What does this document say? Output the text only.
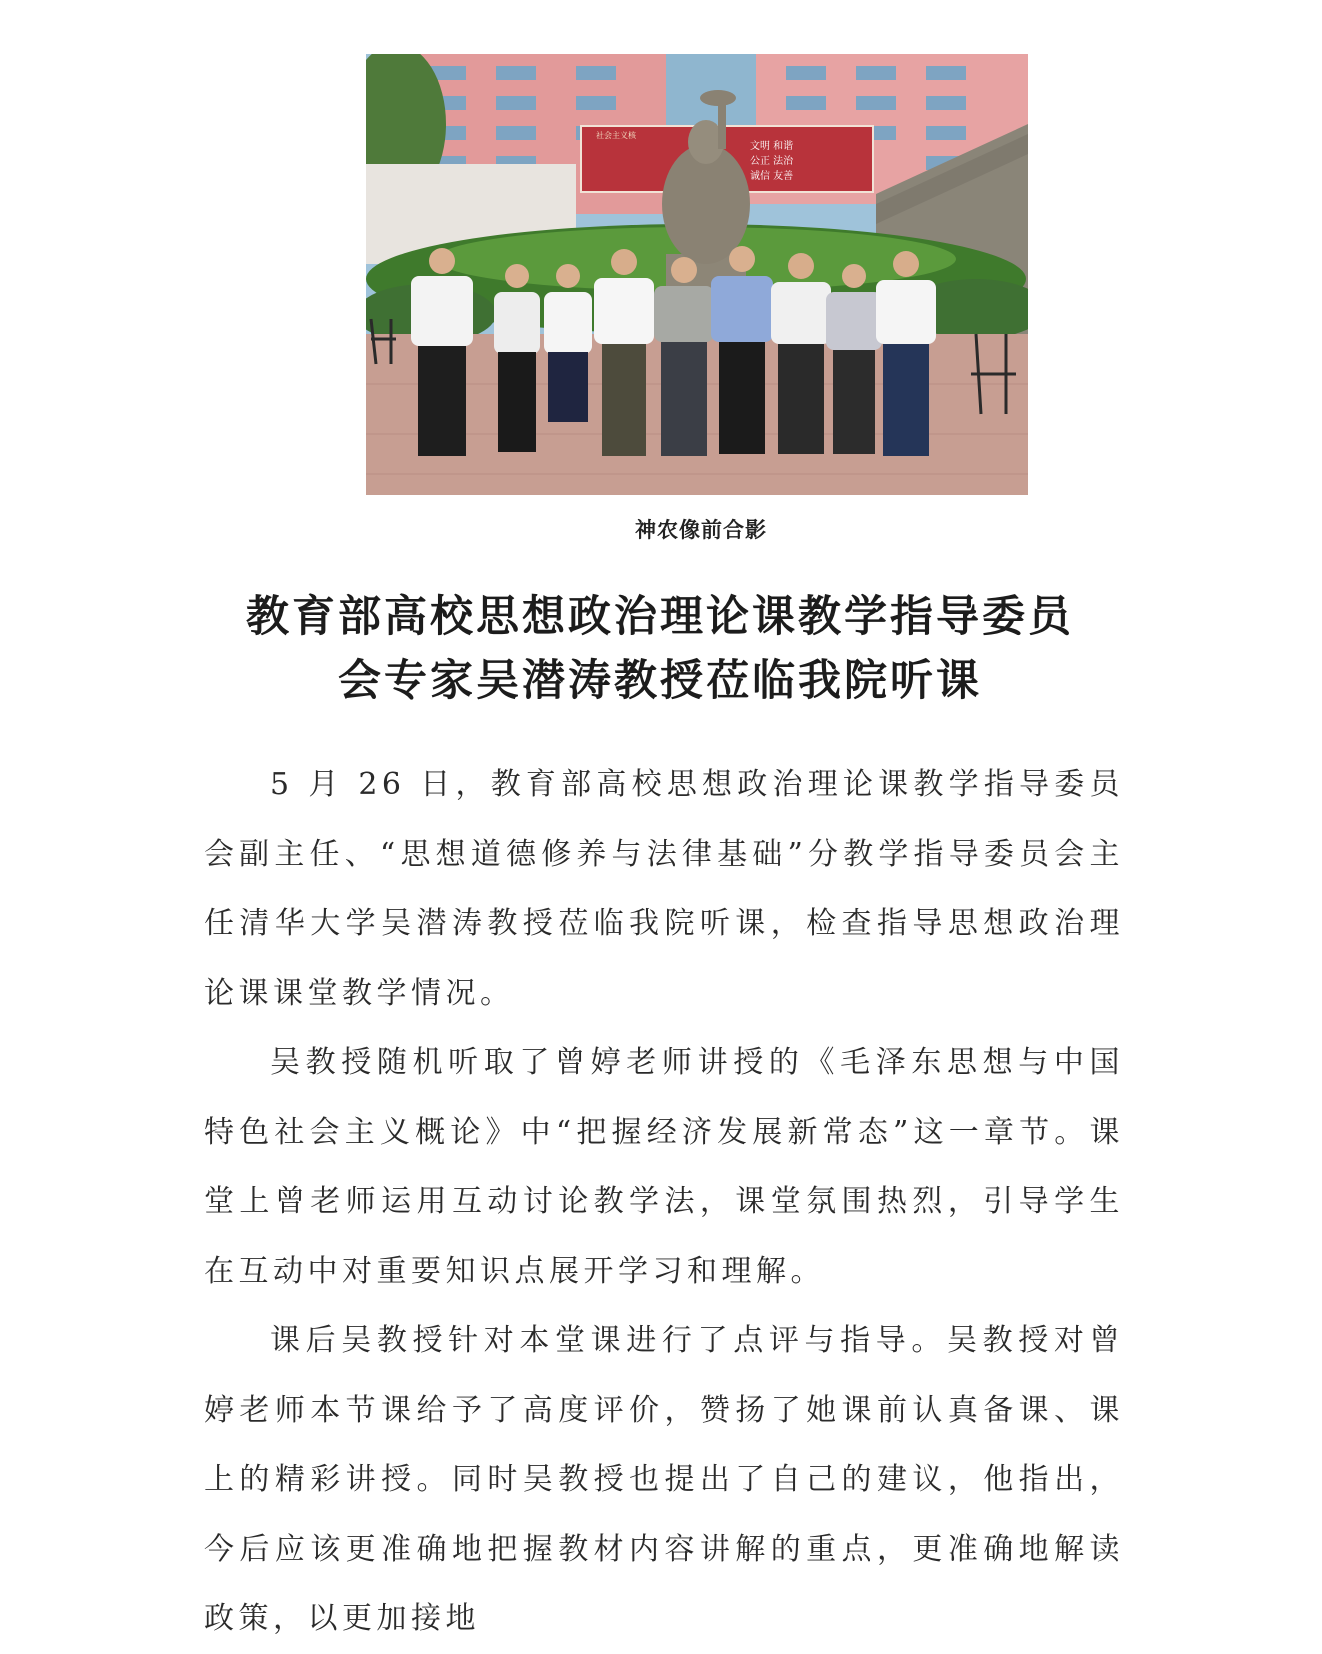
社会主义核
文明 和谐
公正 法治
诚信 友善
神农像前合影
教育部高校思想政治理论课教学指导委员
会专家吴潜涛教授莅临我院听课

5 月 26 日，教育部高校思想政治理论课教学指导委员会副主任、“思想道德修养与法律基础”分教学指导委员会主任清华大学吴潜涛教授莅临我院听课，检查指导思想政治理论课课堂教学情况。

吴教授随机听取了曾婷老师讲授的《毛泽东思想与中国特色社会主义概论》中“把握经济发展新常态”这一章节。课堂上曾老师运用互动讨论教学法，课堂氛围热烈，引导学生在互动中对重要知识点展开学习和理解。

课后吴教授针对本堂课进行了点评与指导。吴教授对曾婷老师本节课给予了高度评价，赞扬了她课前认真备课、课上的精彩讲授。同时吴教授也提出了自己的建议，他指出，今后应该更准确地把握教材内容讲解的重点，更准确地解读政策，以更加接地
